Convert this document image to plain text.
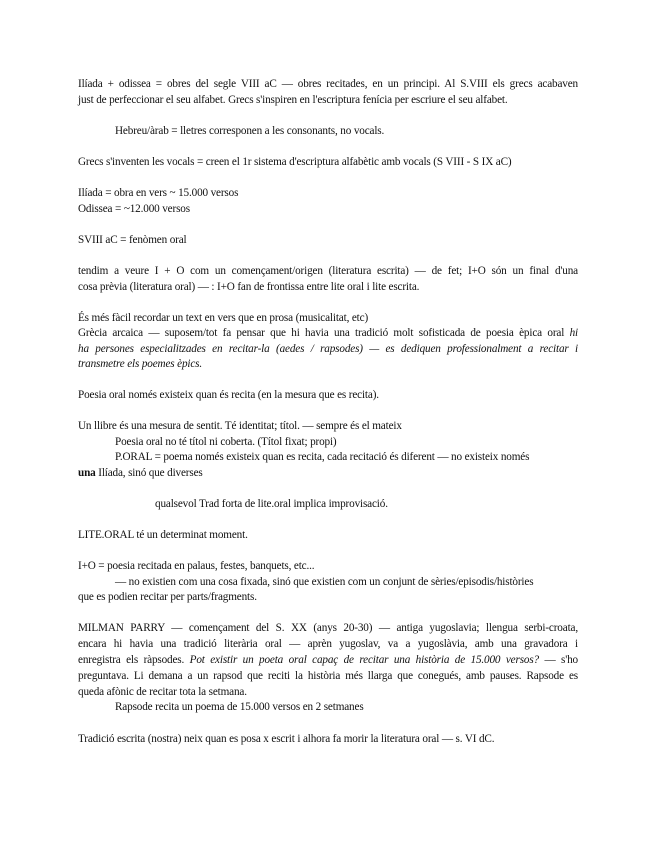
Ilíada + odissea = obres del segle VIII aC — obres recitades, en un principi. Al S.VIII els grecs acabaven
just de perfeccionar el seu alfabet. Grecs s'inspiren en l'escriptura fenícia per escriure el seu alfabet.
Hebreu/àrab = lletres corresponen a les consonants, no vocals.
Grecs s'inventen les vocals = creen el 1r sistema d'escriptura alfabètic amb vocals (S VIII - S IX aC)
Ilíada = obra en vers ~ 15.000 versos
Odissea = ~12.000 versos
SVIII aC = fenòmen oral
tendim a veure I + O com un començament/origen (literatura escrita) — de fet; I+O són un final d'una
cosa prèvia (literatura oral) — : I+O fan de frontissa entre lite oral i lite escrita.
És més fàcil recordar un text en vers que en prosa (musicalitat, etc)
Grècia arcaica — suposem/tot fa pensar que hi havia una tradició molt sofisticada de poesia èpica oral hi
ha persones especialitzades en recitar-la (aedes / rapsodes) — es dediquen professionalment a recitar i
transmetre els poemes èpics.
Poesia oral només existeix quan és recita (en la mesura que es recita).
Un llibre és una mesura de sentit. Té identitat; títol. — sempre és el mateix
Poesia oral no té títol ni coberta. (Títol fixat; propi)
P.ORAL = poema només existeix quan es recita, cada recitació és diferent — no existeix només
una Ilíada, sinó que diverses
qualsevol Trad forta de lite.oral implica improvisació.
LITE.ORAL té un determinat moment.
I+O = poesia recitada en palaus, festes, banquets, etc...
— no existien com una cosa fixada, sinó que existien com un conjunt de sèries/episodis/històries
que es podien recitar per parts/fragments.
MILMAN PARRY — començament del S. XX (anys 20-30) — antiga yugoslavia; llengua serbi-croata,
encara hi havia una tradició literària oral — aprèn yugoslav, va a yugoslàvia, amb una gravadora i
enregistra els ràpsodes. Pot existir un poeta oral capaç de recitar una història de 15.000 versos? — s'ho
preguntava. Li demana a un rapsod que reciti la història més llarga que conegués, amb pauses. Rapsode es
queda afònic de recitar tota la setmana.
Rapsode recita un poema de 15.000 versos en 2 setmanes
Tradició escrita (nostra) neix quan es posa x escrit i alhora fa morir la literatura oral — s. VI dC.
